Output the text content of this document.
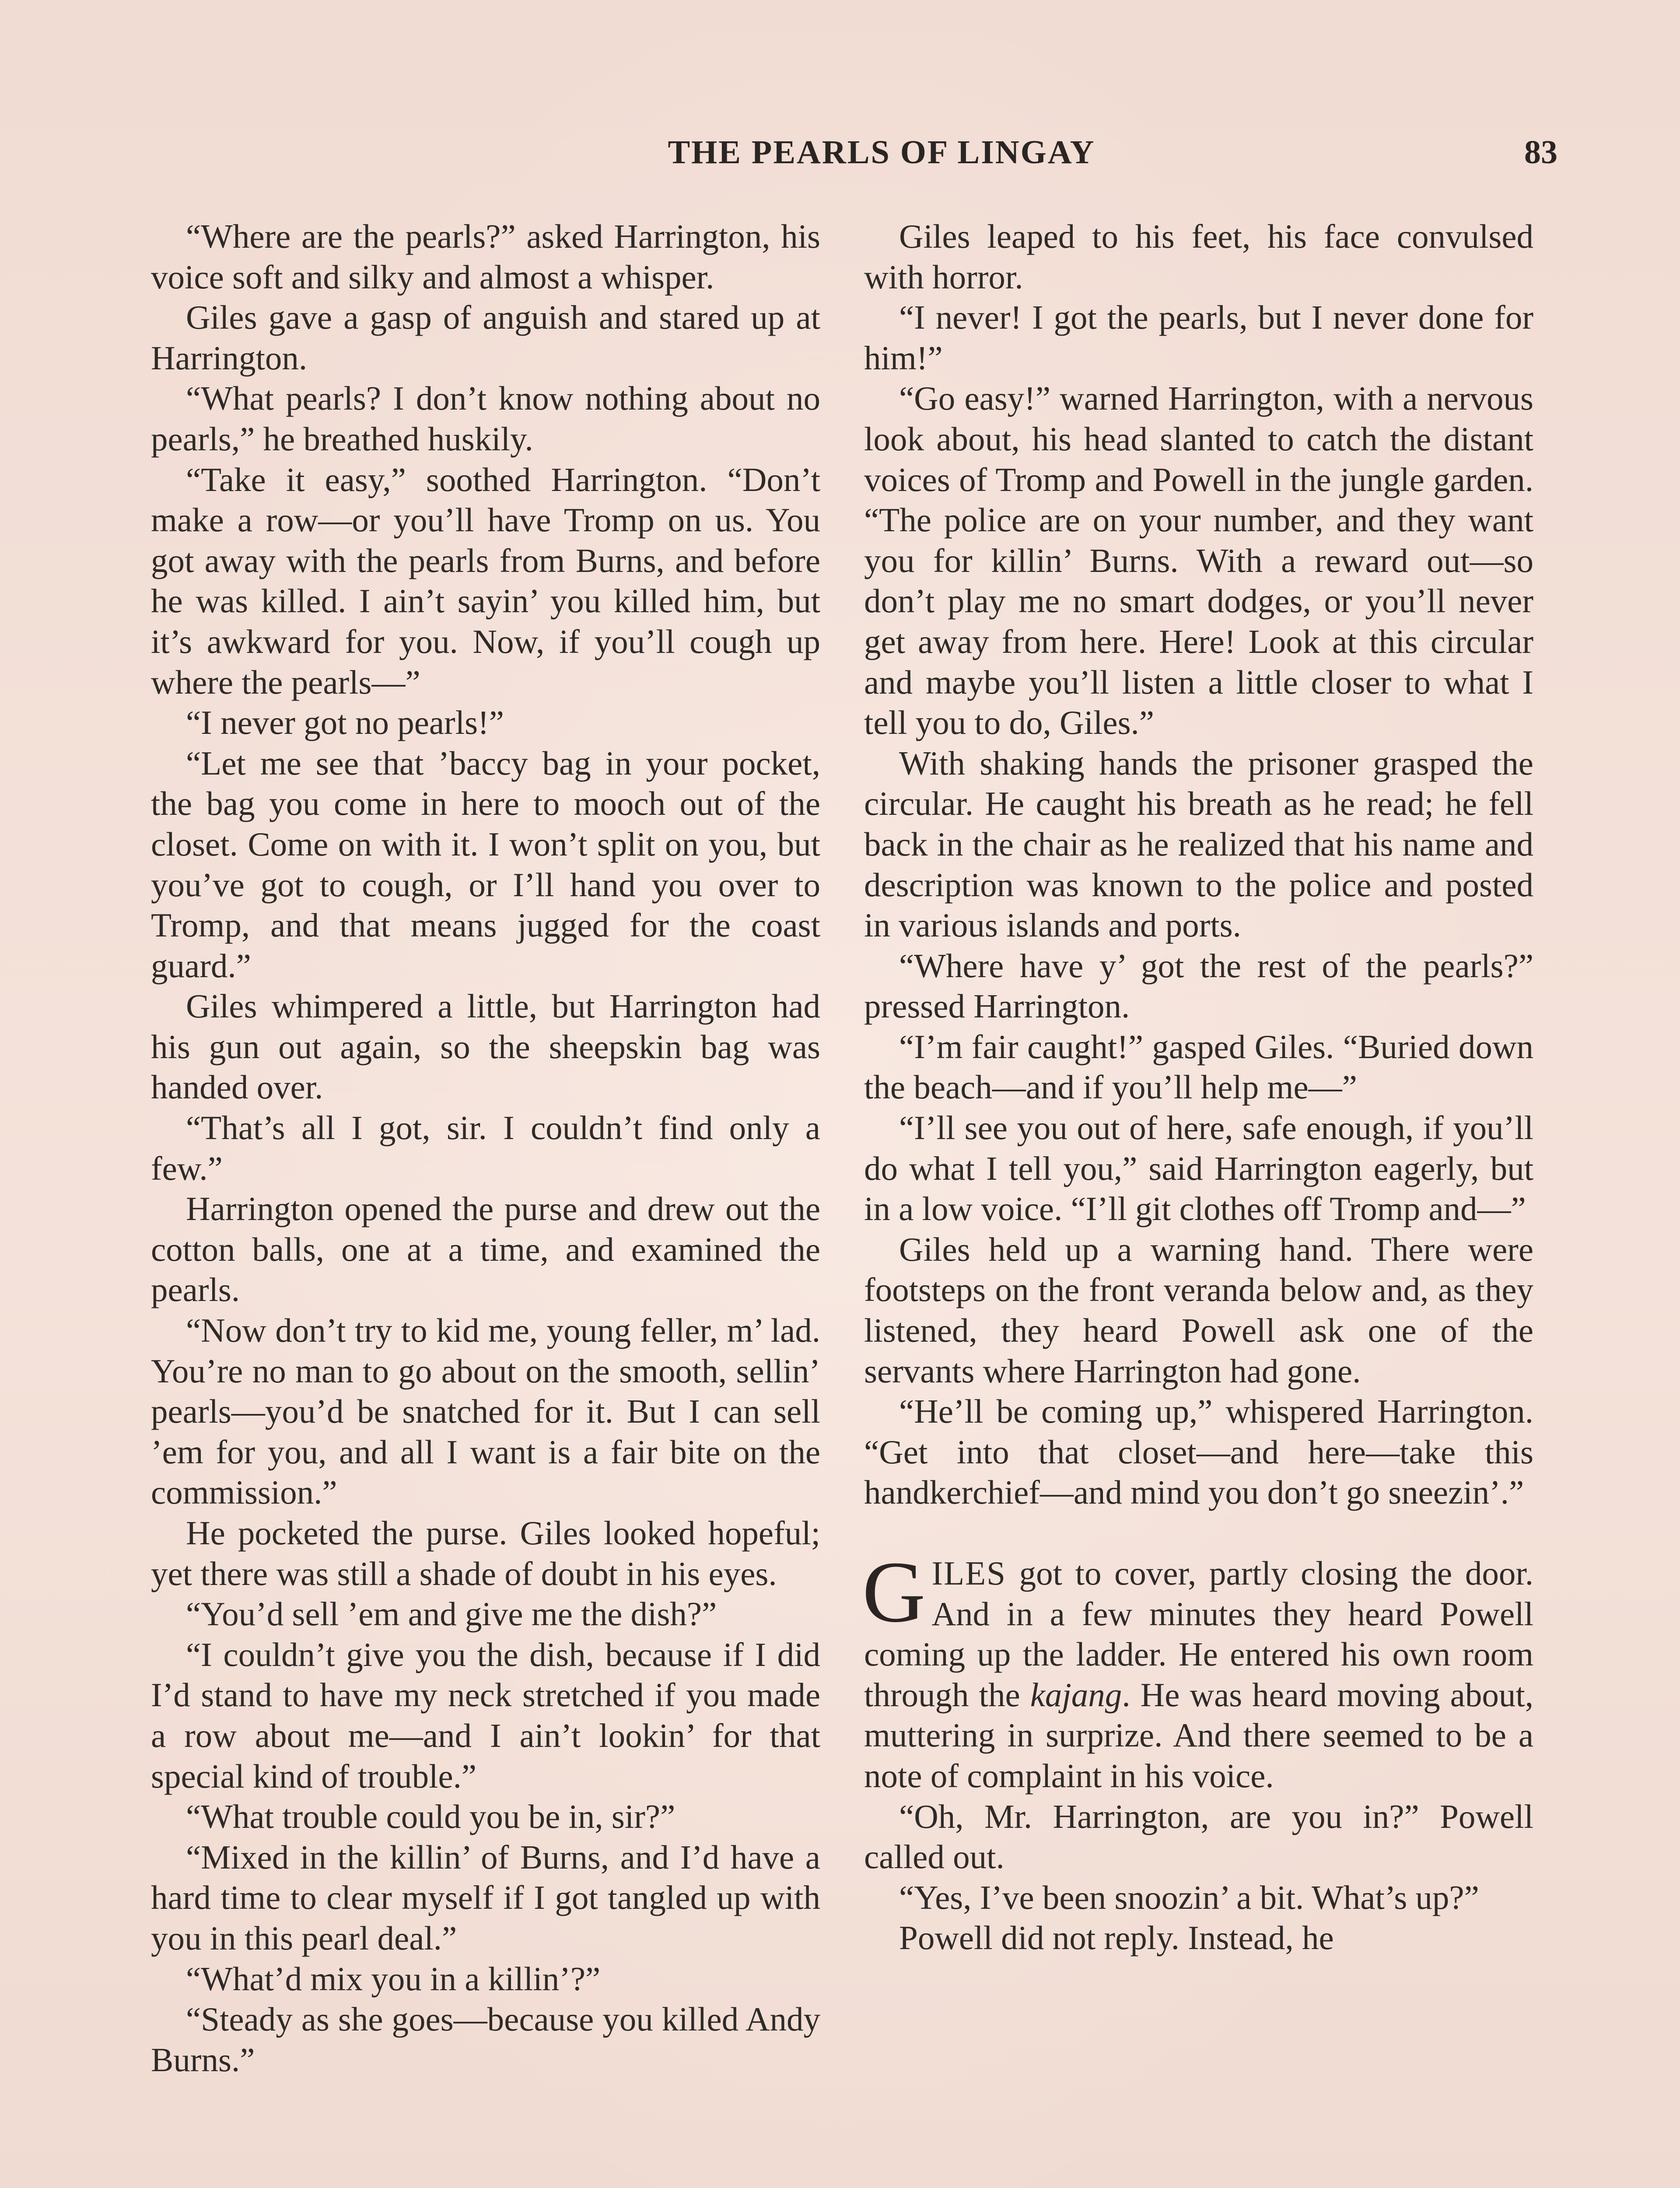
THE PEARLS OF LINGAY	83

“Where are the pearls?” asked Harrington, his voice soft and silky and almost a whisper.

Giles gave a gasp of anguish and stared up at Harrington.

“What pearls? I don’t know nothing about no pearls,” he breathed huskily.

“Take it easy,” soothed Harrington. “Don’t make a row—or you’ll have Tromp on us. You got away with the pearls from Burns, and before he was killed. I ain’t sayin’ you killed him, but it’s awkward for you. Now, if you’ll cough up where the pearls—”

“I never got no pearls!”

“Let me see that ’baccy bag in your pocket, the bag you come in here to mooch out of the closet. Come on with it. I won’t split on you, but you’ve got to cough, or I’ll hand you over to Tromp, and that means jugged for the coast guard.”

Giles whimpered a little, but Harrington had his gun out again, so the sheepskin bag was handed over.

“That’s all I got, sir. I couldn’t find only a few.”

Harrington opened the purse and drew out the cotton balls, one at a time, and examined the pearls.

“Now don’t try to kid me, young feller, m’ lad. You’re no man to go about on the smooth, sellin’ pearls—you’d be snatched for it. But I can sell ’em for you, and all I want is a fair bite on the commission.”

He pocketed the purse. Giles looked hopeful; yet there was still a shade of doubt in his eyes.

“You’d sell ’em and give me the dish?”

“I couldn’t give you the dish, because if I did I’d stand to have my neck stretched if you made a row about me—and I ain’t lookin’ for that special kind of trouble.”

“What trouble could you be in, sir?”

“Mixed in the killin’ of Burns, and I’d have a hard time to clear myself if I got tangled up with you in this pearl deal.”

“What’d mix you in a killin’?”

“Steady as she goes—because you killed Andy Burns.”

Giles leaped to his feet, his face convulsed with horror.

“I never! I got the pearls, but I never done for him!”

“Go easy!” warned Harrington, with a nervous look about, his head slanted to catch the distant voices of Tromp and Powell in the jungle garden. “The police are on your number, and they want you for killin’ Burns. With a reward out—so don’t play me no smart dodges, or you’ll never get away from here. Here! Look at this circular and maybe you’ll listen a little closer to what I tell you to do, Giles.”

With shaking hands the prisoner grasped the circular. He caught his breath as he read; he fell back in the chair as he realized that his name and description was known to the police and posted in various islands and ports.

“Where have y’ got the rest of the pearls?” pressed Harrington.

“I’m fair caught!” gasped Giles. “Buried down the beach—and if you’ll help me—”

“I’ll see you out of here, safe enough, if you’ll do what I tell you,” said Harrington eagerly, but in a low voice. “I’ll git clothes off Tromp and—”

Giles held up a warning hand. There were footsteps on the front veranda below and, as they listened, they heard Powell ask one of the servants where Harrington had gone.

“He’ll be coming up,” whispered Harrington. “Get into that closet—and here—take this handkerchief—and mind you don’t go sneezin’.”

GILES got to cover, partly closing the door. And in a few minutes they heard Powell coming up the ladder. He entered his own room through the kajang. He was heard moving about, muttering in surprize. And there seemed to be a note of complaint in his voice.

“Oh, Mr. Harrington, are you in?” Powell called out.

“Yes, I’ve been snoozin’ a bit. What’s up?”

Powell did not reply. Instead, he
